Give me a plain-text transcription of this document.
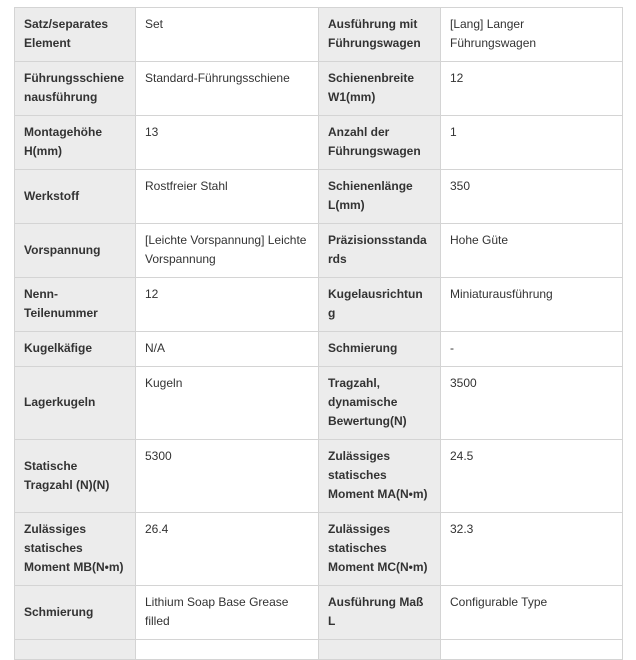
Satz/separates Element	Set	Ausführung mit Führungswagen	[Lang] Langer Führungswagen
Führungsschiene nausführung	Standard-Führungsschiene	Schienenbreite W1(mm)	12
Montagehöhe H(mm)	13	Anzahl der Führungswagen	1
Werkstoff	Rostfreier Stahl	Schienenlänge L(mm)	350
Vorspannung	[Leichte Vorspannung] Leichte Vorspannung	Präzisionsstanda rds	Hohe Güte
Nenn-Teilenummer	12	Kugelausrichtun g	Miniaturausführung
Kugelkäfige	N/A	Schmierung	-
Lagerkugeln	Kugeln	Tragzahl, dynamische Bewertung(N)	3500
Statische Tragzahl (N)(N)	5300	Zulässiges statisches Moment MA(N•m)	24.5
Zulässiges statisches Moment MB(N•m)	26.4	Zulässiges statisches Moment MC(N•m)	32.3
Schmierung	Lithium Soap Base Grease filled	Ausführung Maß L	Configurable Type
